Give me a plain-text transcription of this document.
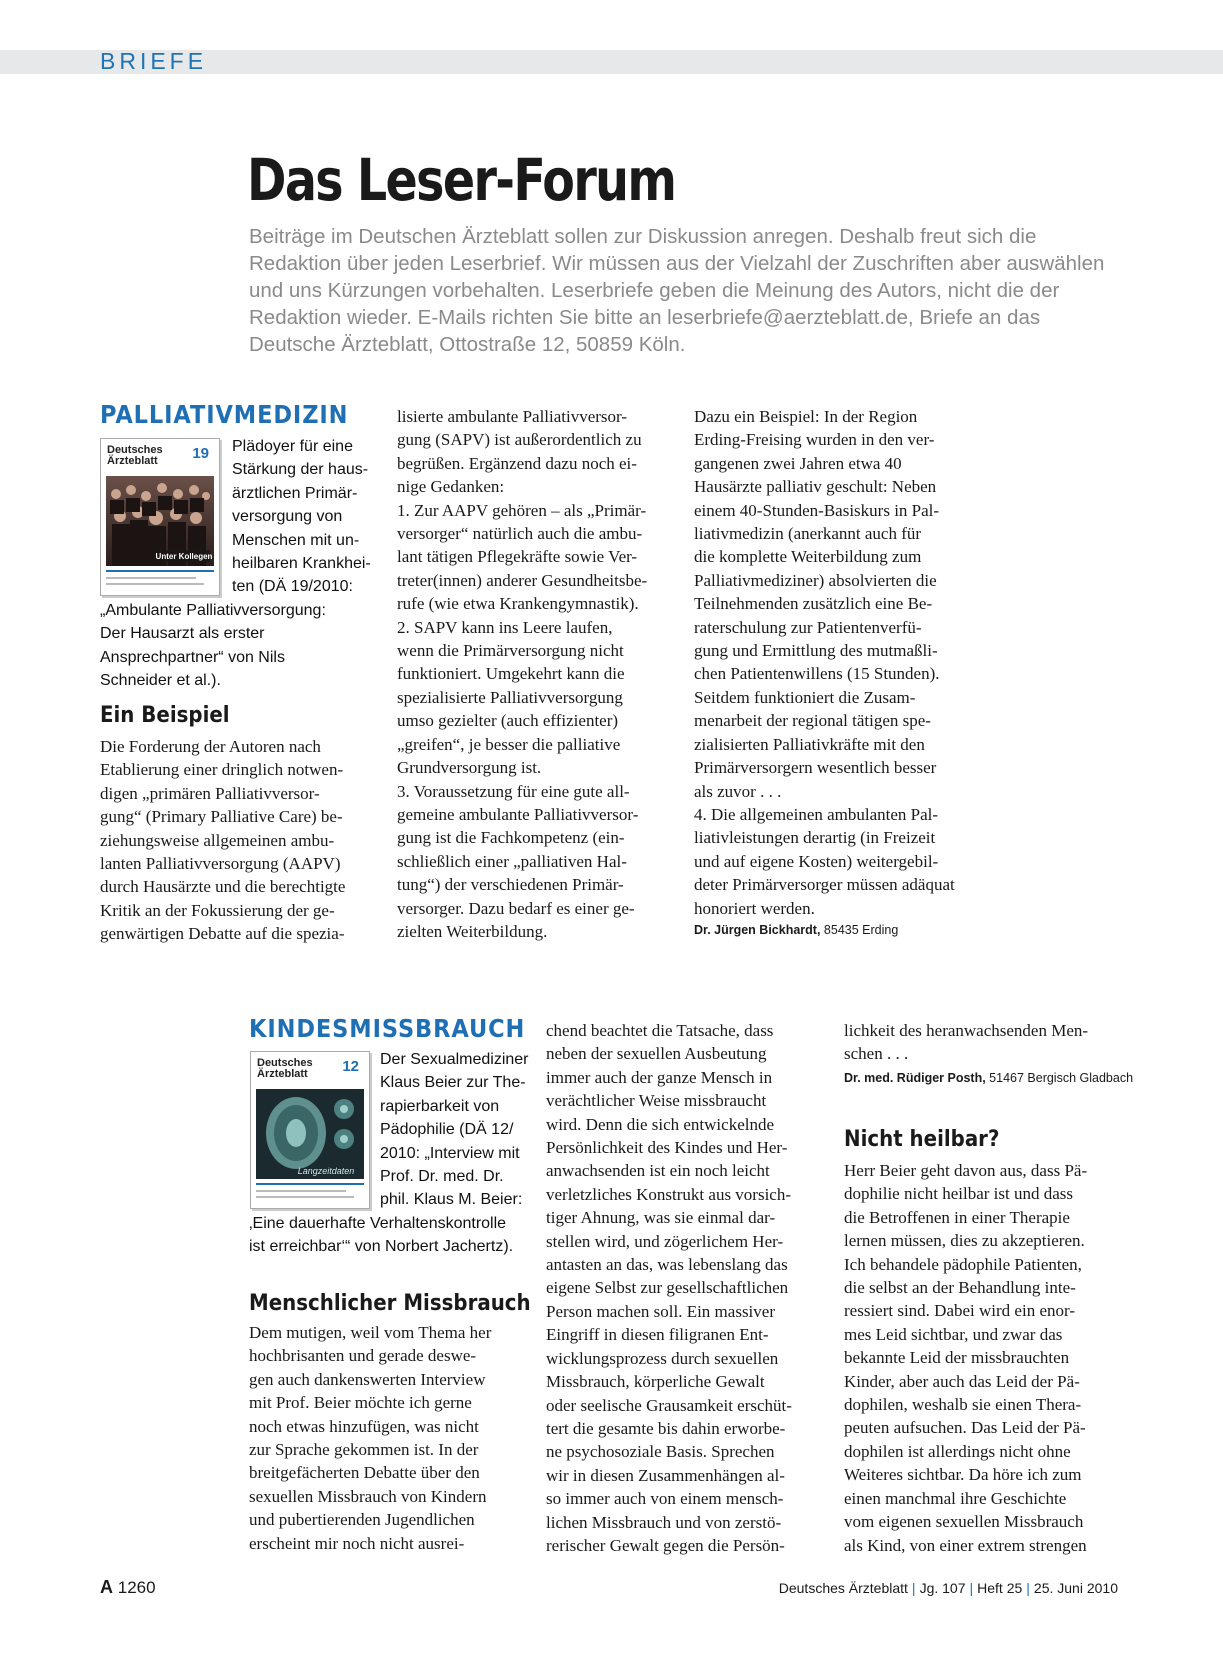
BRIEFE
Das Leser-Forum
Beiträge im Deutschen Ärzteblatt sollen zur Diskussion anregen. Deshalb freut sich die Redaktion über jeden Leserbrief. Wir müssen aus der Vielzahl der Zuschriften aber auswählen und uns Kürzungen vorbehalten. Leserbriefe geben die Meinung des Autors, nicht die der Redaktion wieder. E-Mails richten Sie bitte an leserbriefe@aerzteblatt.de, Briefe an das Deutsche Ärzteblatt, Ottostraße 12, 50859 Köln.
PALLIATIVMEDIZIN
Deutsches
Ärzteblatt	19
Unter Kollegen
Plädoyer für eine
Stärkung der haus-
ärztlichen Primär-
versorgung von
Menschen mit un-
heilbaren Krankhei-
ten (DÄ 19/2010:
„Ambulante Palliativversorgung: Der Hausarzt als erster Ansprechpartner“ von Nils Schneider et al.).
Ein Beispiel

Die Forderung der Autoren nach

Etablierung einer dringlich notwen-

digen „primären Palliativversor-

gung“ (Primary Palliative Care) be-

ziehungsweise allgemeinen ambu-

lanten Palliativversorgung (AAPV)

durch Hausärzte und die berechtigte

Kritik an der Fokussierung der ge-

genwärtigen Debatte auf die spezia-

lisierte ambulante Palliativversor-

gung (SAPV) ist außerordentlich zu

begrüßen. Ergänzend dazu noch ei-

nige Gedanken:

1. Zur AAPV gehören – als „Primär-

versorger“ natürlich auch die ambu-

lant tätigen Pflegekräfte sowie Ver-

treter(innen) anderer Gesundheitsbe-

rufe (wie etwa Krankengymnastik).

2. SAPV kann ins Leere laufen,

wenn die Primärversorgung nicht

funktioniert. Umgekehrt kann die

spezialisierte Palliativversorgung

umso gezielter (auch effizienter)

„greifen“, je besser die palliative

Grundversorgung ist.

3. Voraussetzung für eine gute all-

gemeine ambulante Palliativversor-

gung ist die Fachkompetenz (ein-

schließlich einer „palliativen Hal-

tung“) der verschiedenen Primär-

versorger. Dazu bedarf es einer ge-

zielten Weiterbildung.

Dazu ein Beispiel: In der Region

Erding-Freising wurden in den ver-

gangenen zwei Jahren etwa 40

Hausärzte palliativ geschult: Neben

einem 40-Stunden-Basiskurs in Pal-

liativmedizin (anerkannt auch für

die komplette Weiterbildung zum

Palliativmediziner) absolvierten die

Teilnehmenden zusätzlich eine Be-

raterschulung zur Patientenverfü-

gung und Ermittlung des mutmaßli-

chen Patientenwillens (15 Stunden).

Seitdem funktioniert die Zusam-

menarbeit der regional tätigen spe-

zialisierten Palliativkräfte mit den

Primärversorgern wesentlich besser

als zuvor . . .

4. Die allgemeinen ambulanten Pal-

liativleistungen derartig (in Freizeit

und auf eigene Kosten) weitergebil-

deter Primärversorger müssen adäquat

honoriert werden.

Dr. Jürgen Bickhardt, 85435 Erding
KINDESMISSBRAUCH
Deutsches
Ärzteblatt	12
Langzeitdaten
Der Sexualmediziner
Klaus Beier zur The-
rapierbarkeit von
Pädophilie (DÄ 12/
2010: „Interview mit
Prof. Dr. med. Dr.
phil. Klaus M. Beier:
‚Eine dauerhafte Verhaltenskontrolle ist erreichbar‘“ von Norbert Jachertz).
Menschlicher Missbrauch

Dem mutigen, weil vom Thema her

hochbrisanten und gerade deswe-

gen auch dankenswerten Interview

mit Prof. Beier möchte ich gerne

noch etwas hinzufügen, was nicht

zur Sprache gekommen ist. In der

breitgefächerten Debatte über den

sexuellen Missbrauch von Kindern

und pubertierenden Jugendlichen

erscheint mir noch nicht ausrei-

chend beachtet die Tatsache, dass

neben der sexuellen Ausbeutung

immer auch der ganze Mensch in

verächtlicher Weise missbraucht

wird. Denn die sich entwickelnde

Persönlichkeit des Kindes und Her-

anwachsenden ist ein noch leicht

verletzliches Konstrukt aus vorsich-

tiger Ahnung, was sie einmal dar-

stellen wird, und zögerlichem Her-

antasten an das, was lebenslang das

eigene Selbst zur gesellschaftlichen

Person machen soll. Ein massiver

Eingriff in diesen filigranen Ent-

wicklungsprozess durch sexuellen

Missbrauch, körperliche Gewalt

oder seelische Grausamkeit erschüt-

tert die gesamte bis dahin erworbe-

ne psychosoziale Basis. Sprechen

wir in diesen Zusammenhängen al-

so immer auch von einem mensch-

lichen Missbrauch und von zerstö-

rerischer Gewalt gegen die Persön-

lichkeit des heranwachsenden Men-

schen . . .

Dr. med. Rüdiger Posth, 51467 Bergisch Gladbach
Nicht heilbar?

Herr Beier geht davon aus, dass Pä-

dophilie nicht heilbar ist und dass

die Betroffenen in einer Therapie

lernen müssen, dies zu akzeptieren.

Ich behandele pädophile Patienten,

die selbst an der Behandlung inte-

ressiert sind. Dabei wird ein enor-

mes Leid sichtbar, und zwar das

bekannte Leid der missbrauchten

Kinder, aber auch das Leid der Pä-

dophilen, weshalb sie einen Thera-

peuten aufsuchen. Das Leid der Pä-

dophilen ist allerdings nicht ohne

Weiteres sichtbar. Da höre ich zum

einen manchmal ihre Geschichte

vom eigenen sexuellen Missbrauch

als Kind, von einer extrem strengen

A 1260	Deutsches Ärzteblatt | Jg. 107 | Heft 25 | 25. Juni 2010
